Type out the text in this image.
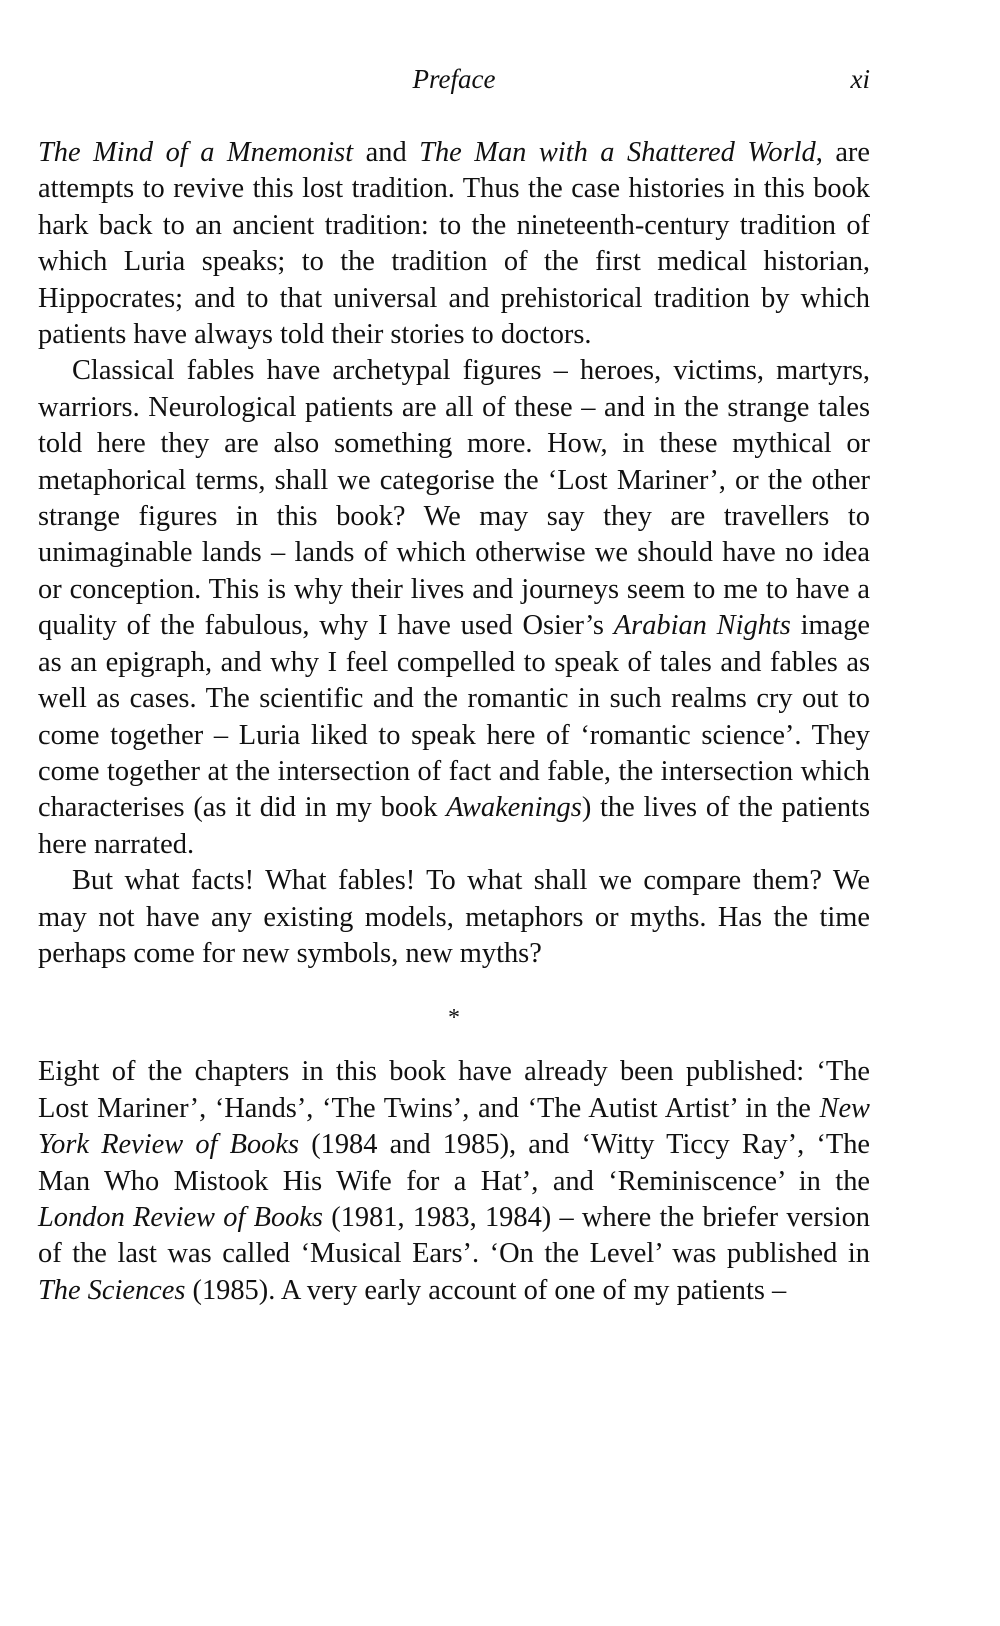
Preface	xi

The Mind of a Mnemonist and The Man with a Shattered World, are attempts to revive this lost tradition. Thus the case histories in this book hark back to an ancient tradition: to the nineteenth-century tradition of which Luria speaks; to the tradition of the first medical historian, Hippocrates; and to that universal and prehistorical tradition by which patients have always told their stories to doctors.

Classical fables have archetypal figures – heroes, victims, martyrs, warriors. Neurological patients are all of these – and in the strange tales told here they are also something more. How, in these mythical or metaphorical terms, shall we categorise the ‘Lost Mariner’, or the other strange figures in this book? We may say they are travellers to unimaginable lands – lands of which otherwise we should have no idea or conception. This is why their lives and journeys seem to me to have a quality of the fabulous, why I have used Osier’s Arabian Nights image as an epigraph, and why I feel compelled to speak of tales and fables as well as cases. The scientific and the romantic in such realms cry out to come together – Luria liked to speak here of ‘romantic science’. They come together at the intersection of fact and fable, the intersection which characterises (as it did in my book Awakenings) the lives of the patients here narrated.

But what facts! What fables! To what shall we compare them? We may not have any existing models, metaphors or myths. Has the time perhaps come for new symbols, new myths?

*

Eight of the chapters in this book have already been published: ‘The Lost Mariner’, ‘Hands’, ‘The Twins’, and ‘The Autist Artist’ in the New York Review of Books (1984 and 1985), and ‘Witty Ticcy Ray’, ‘The Man Who Mistook His Wife for a Hat’, and ‘Reminiscence’ in the London Review of Books (1981, 1983, 1984) – where the briefer version of the last was called ‘Musical Ears’. ‘On the Level’ was published in The Sciences (1985). A very early account of one of my patients –
